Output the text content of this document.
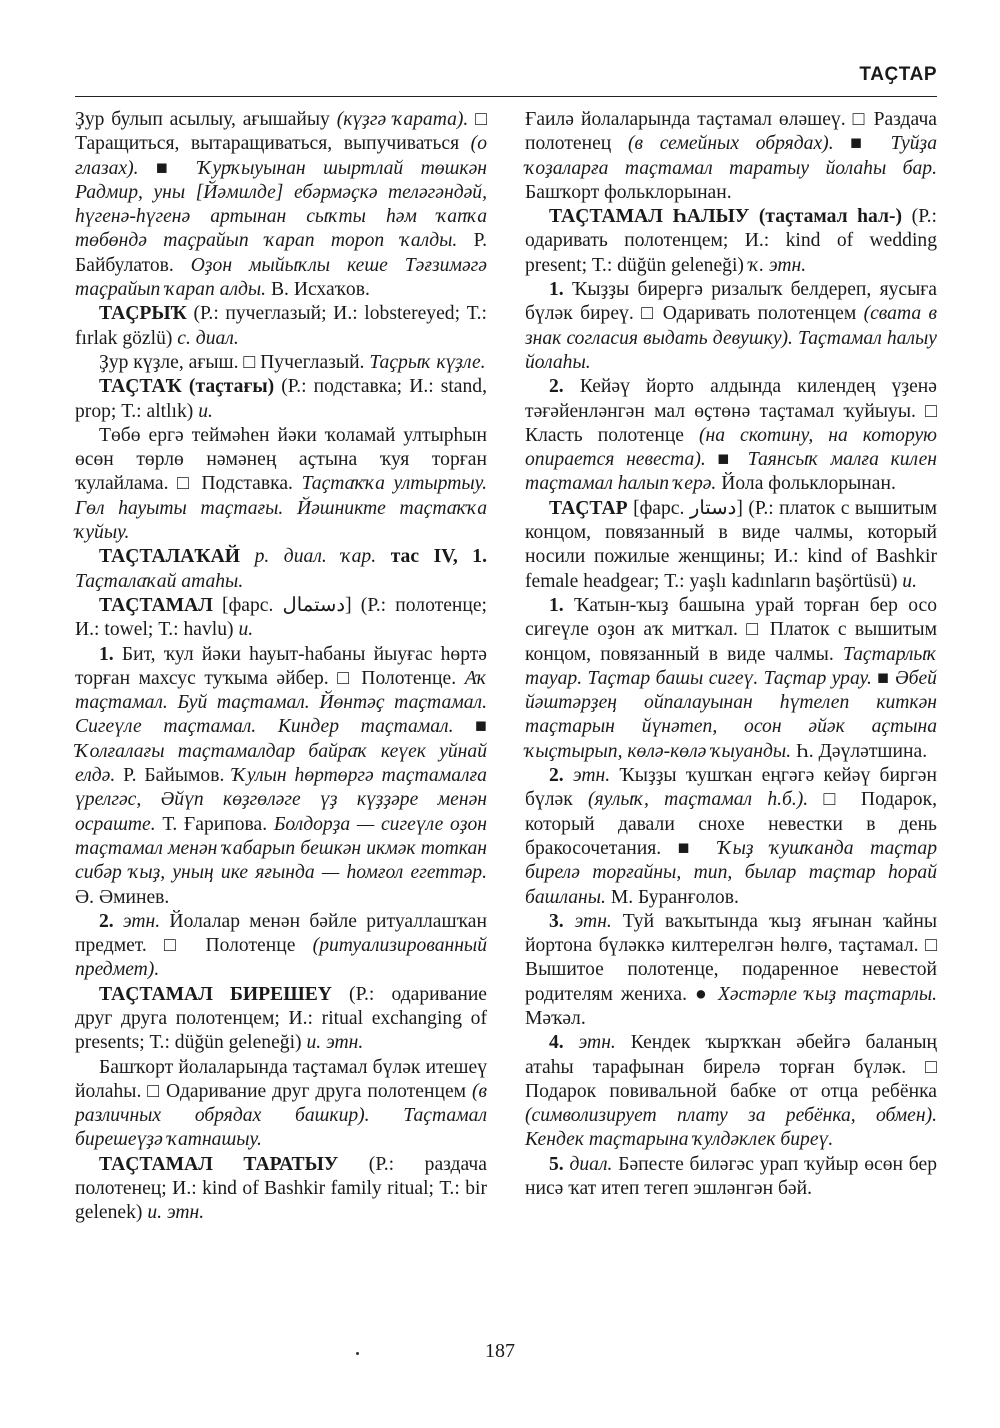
ТАҪТАР

Ҙур булып асылыу, ағышайыу (күҙгә ҡарата). □ Таращиться, вытаращиваться, выпучиваться (о глазах). ■ Ҡурҡыуынан шыртлай төшкән Радмир, уны [Йәмилде] ебәрмәҫкә теләгәндәй, һүгенә-һүгенә артынан сыҡты һәм ҡапҡа төбөндә таҫрайып ҡарап тороп ҡалды. Р. Байбулатов. Оҙон мыйыҡлы кеше Тәғзимәгә таҫрайып ҡарап алды. В. Исхаҡов.

ТАҪРЫҠ (Р.: пучеглазый; И.: lobstereyed; Т.: fırlak gözlü) с. диал.

Ҙур күҙле, ағыш. □ Пучеглазый. Таҫрыҡ күҙле.

ТАҪТАҠ (таҫтағы) (Р.: подставка; И.: stand, prop; Т.: altlık) и.

Төбө ергә теймәһен йәки ҡоламай ултырһын өсөн төрлө нәмәнең аҫтына ҡуя торған ҡулайлама. □ Подставка. Таҫтаҡҡа ултыртыу. Гөл һауыты таҫтағы. Йәшникте таҫтаҡҡа ҡуйыу.

ТАҪТАЛАҠАЙ р. диал. ҡар. тас IV, 1. Таҫталаҡай атаһы.

ТАҪТАМАЛ [фарс. دستمال] (Р.: полотенце; И.: towel; Т.: havlu) и.

1. Бит, ҡул йәки һауыт-һабаны йыуғас һөртә торған махсус туҡыма әйбер. □ Полотенце. Аҡ таҫтамал. Буй таҫтамал. Йөнтәҫ таҫтамал. Сигеүле таҫтамал. Киндер таҫтамал. ■ Ҡолғалағы таҫтамалдар байраҡ кеүек уйнай елдә. Р. Байымов. Ҡулын һөртөргә таҫтамалға үрелгәс, Әйүп көҙгөләге үҙ күҙҙәре менән осраште. Т. Ғарипова. Болдорҙа — сигеүле оҙон таҫтамал менән ҡабарып бешкән икмәк тоткан сибәр ҡыҙ, уның ике яғында — һомғол егеттәр. Ә. Әминев.

2. этн. Йолалар менән бәйле ритуаллашҡан предмет. □ Полотенце (ритуализированный предмет).

ТАҪТАМАЛ БИРЕШЕҮ (Р.: одаривание друг друга полотенцем; И.: ritual exchanging of presents; Т.: düğün geleneği) и. этн.

Башҡорт йолаларында таҫтамал бүләк итешеү йолаһы. □ Одаривание друг друга полотенцем (в различных обрядах башкир). Таҫтамал бирешеүҙә ҡатнашыу.

ТАҪТАМАЛ ТАРАТЫУ (Р.: раздача полотенец; И.: kind of Bashkir family ritual; Т.: bir gelenek) и. этн.

Ғаилә йолаларында таҫтамал өләшеү. □ Раздача полотенец (в семейных обрядах). ■ Туйҙа ҡоҙаларға таҫтамал таратыу йолаһы бар. Башҡорт фольклорынан.

ТАҪТАМАЛ ҺАЛЫУ (таҫтамал һал-) (Р.: одаривать полотенцем; И.: kind of wedding present; Т.: düğün geleneği) ҡ. этн.

1. Ҡыҙҙы бирергә ризалыҡ белдереп, яусыға бүләк биреү. □ Одаривать полотенцем (свата в знак согласия выдать девушку). Таҫтамал һалыу йолаһы.

2. Кейәү йорто алдында килендең үҙенә тәғәйенләнгән мал өҫтөнә таҫтамал ҡуйыуы. □ Класть полотенце (на скотину, на которую опирается невеста). ■ Таянсыҡ малға килен таҫтамал һалып ҡерә. Йола фольклорынан.

ТАҪТАР [фарс. دستار] (Р.: платок с вышитым концом, повязанный в виде чалмы, который носили пожилые женщины; И.: kind of Bashkir female headgear; Т.: yaşlı kadınların başörtüsü) и.

1. Ҡатын-ҡыҙ башына урай торған бер осо сигеүле оҙон аҡ митҡал. □ Платок с вышитым концом, повязанный в виде чалмы. Таҫтарлыҡ тауар. Таҫтар башы сигеү. Таҫтар урау. ■ Әбей йәштәрҙең ойпалауынан һүтелеп киткән таҫтарын йүнәтеп, осон әйәк аҫтына ҡыҫтырып, көлә-көлә ҡыуанды. Һ. Дәүләтшина.

2. этн. Ҡыҙҙы ҡушҡан еңгәгә кейәү биргән бүләк (яулыҡ, таҫтамал һ.б.). □ Подарок, который давали снохе невестки в день бракосочетания. ■ Ҡыҙ ҡушҡанда таҫтар бирелә торғайны, тип, былар таҫтар һорай башланы. М. Буранғолов.

3. этн. Туй ваҡытында ҡыҙ яғынан ҡайны йортона бүләккә килтерелгән һөлгө, таҫтамал. □ Вышитое полотенце, подаренное невестой родителям жениха. ● Хәстәрле ҡыҙ таҫтарлы. Мәҡәл.

4. этн. Кендек ҡырҡҡан әбейгә баланың атаһы тарафынан бирелә торған бүләк. □ Подарок повивальной бабке от отца ребёнка (символизирует плату за ребёнка, обмен). Кендек таҫтарына ҡулдәклек биреү.

5. диал. Бәпесте биләгәс урап ҡуйыр өсөн бер нисә ҡат итеп тегеп эшләнгән бәй.

187
